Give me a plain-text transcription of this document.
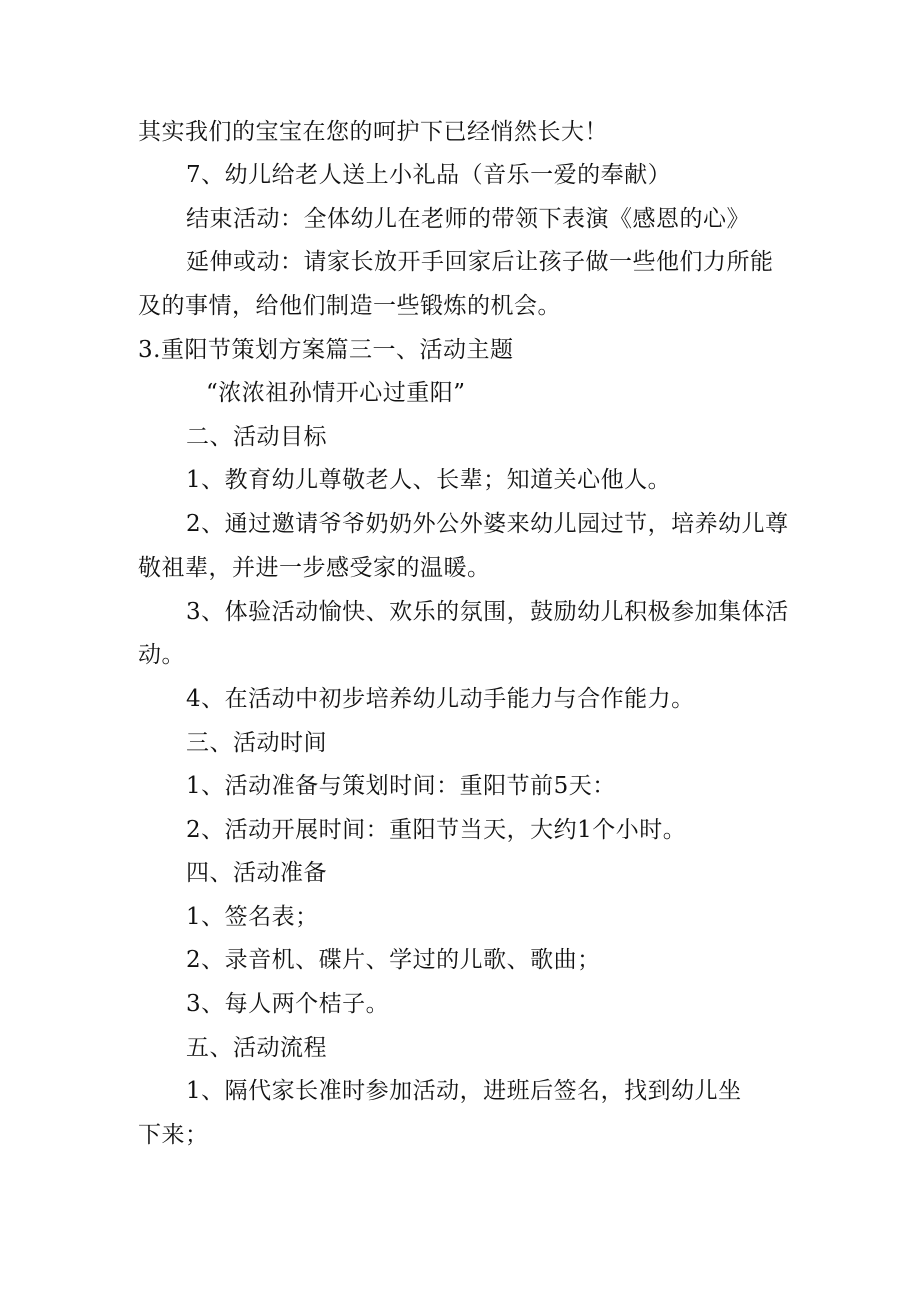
其实我们的宝宝在您的呵护下已经悄然长大！
7、幼儿给老人送上小礼品（音乐一爱的奉献）
结束活动：全体幼儿在老师的带领下表演《感恩的心》
延伸或动：请家长放开手回家后让孩子做一些他们力所能
及的事情，给他们制造一些锻炼的机会。
3.重阳节策划方案篇三一、活动主题
“浓浓祖孙情开心过重阳”
二、活动目标
1、教育幼儿尊敬老人、长辈；知道关心他人。
2、通过邀请爷爷奶奶外公外婆来幼儿园过节，培养幼儿尊
敬祖辈，并进一步感受家的温暖。
3、体验活动愉快、欢乐的氛围，鼓励幼儿积极参加集体活
动。
4、在活动中初步培养幼儿动手能力与合作能力。
三、活动时间
1、活动准备与策划时间：重阳节前5天：
2、活动开展时间：重阳节当天，大约1个小时。
四、活动准备
1、签名表；
2、录音机、碟片、学过的儿歌、歌曲；
3、每人两个桔子。
五、活动流程
1、隔代家长准时参加活动，进班后签名，找到幼儿坐
下来；
